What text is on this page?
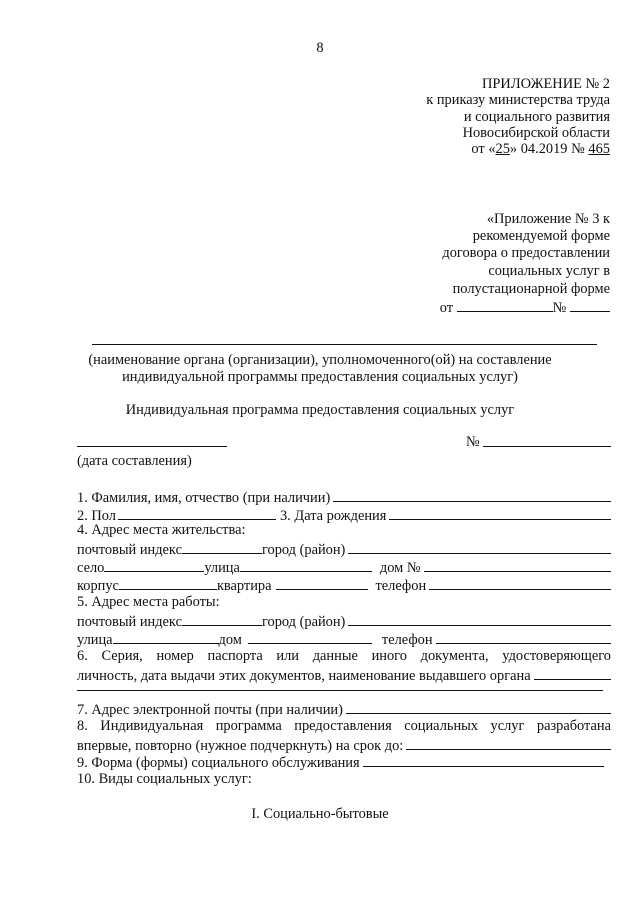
8
ПРИЛОЖЕНИЕ № 2
к приказу министерства труда
и социального развития
Новосибирской области
от «25» 04.2019 № 465
«Приложение № 3 к
рекомендуемой форме
договора о предоставлении
социальных услуг в
полустационарной форме
от	№
(наименование органа (организации), уполномоченного(ой) на составление
индивидуальной программы предоставления социальных услуг)
Индивидуальная программа предоставления социальных услуг
№
(дата составления)
1. Фамилия, имя, отчество (при наличии)
2. Пол	3. Дата рождения
4. Адрес места жительства:
почтовый индекс	город (район)
село	улица	дом №
корпус	квартира	телефон
5. Адрес места работы:
почтовый индекс	город (район)
улица	дом	телефон
6. Серия, номер паспорта или данные иного документа, удостоверяющего
личность, дата выдачи этих документов, наименование выдавшего органа
7. Адрес электронной почты (при наличии)
8. Индивидуальная программа предоставления социальных услуг разработана
впервые, повторно (нужное подчеркнуть) на срок до:
9. Форма (формы) социального обслуживания
10. Виды социальных услуг:
I. Социально-бытовые
